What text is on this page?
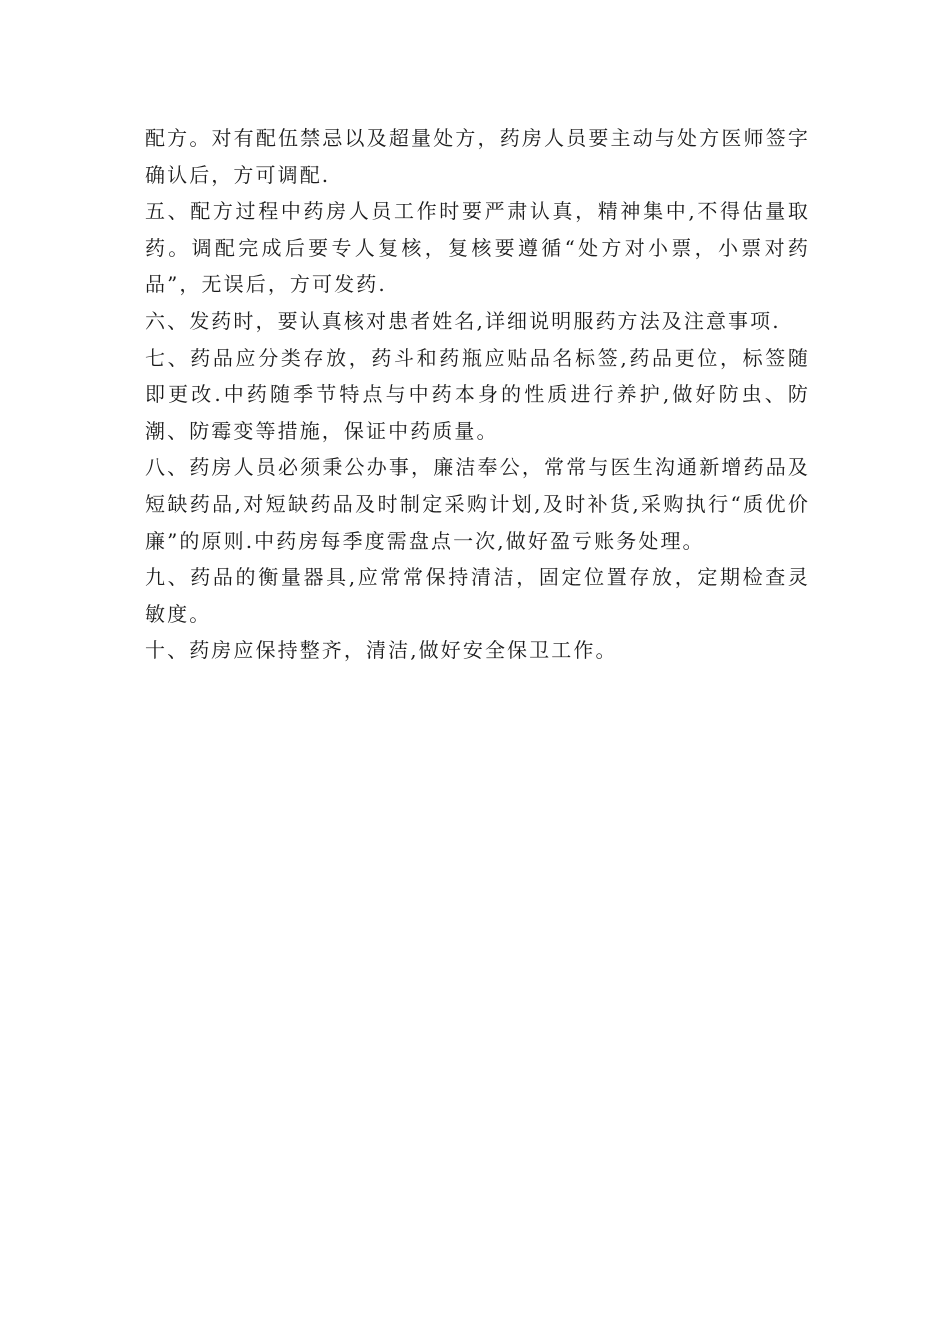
配方。对有配伍禁忌以及超量处方，药房人员要主动与处方医师签字确认后，方可调配.

五、配方过程中药房人员工作时要严肃认真，精神集中,不得估量取药。调配完成后要专人复核，复核要遵循“处方对小票，小票对药品”，无误后，方可发药.

六、发药时，要认真核对患者姓名,详细说明服药方法及注意事项.

七、药品应分类存放，药斗和药瓶应贴品名标签,药品更位，标签随即更改.中药随季节特点与中药本身的性质进行养护,做好防虫、防潮、防霉变等措施，保证中药质量。

八、药房人员必须秉公办事，廉洁奉公，常常与医生沟通新增药品及短缺药品,对短缺药品及时制定采购计划,及时补货,采购执行“质优价廉”的原则.中药房每季度需盘点一次,做好盈亏账务处理。

九、药品的衡量器具,应常常保持清洁，固定位置存放，定期检查灵敏度。

十、药房应保持整齐，清洁,做好安全保卫工作。
